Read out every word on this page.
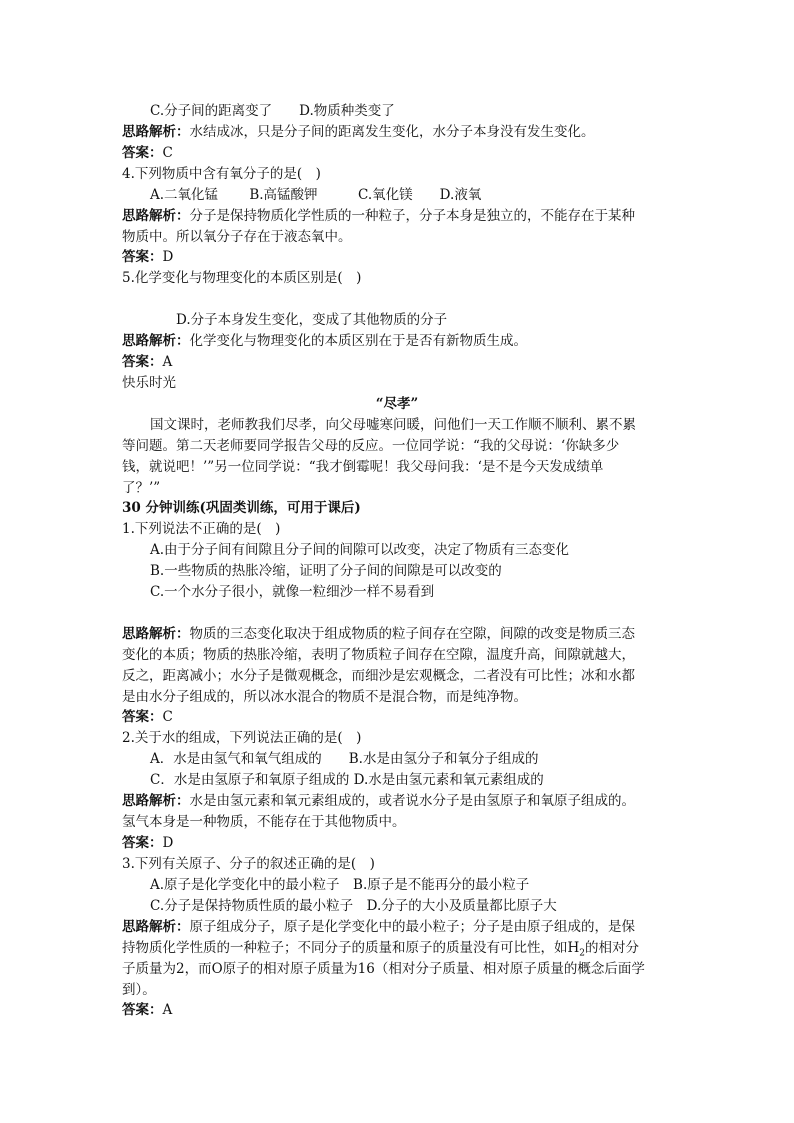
C.分子间的距离变了　　D.物质种类变了
思路解析：水结成冰，只是分子间的距离发生变化，水分子本身没有发生变化。
答案：C
4.下列物质中含有氧分子的是(　)
A.二氧化锰　　 B.高锰酸钾　　　C.氧化镁　　D.液氧
思路解析：分子是保持物质化学性质的一种粒子，分子本身是独立的，不能存在于某种
物质中。所以氧分子存在于液态氧中。
答案：D
5.化学变化与物理变化的本质区别是(　)
D.分子本身发生变化，变成了其他物质的分子
思路解析：化学变化与物理变化的本质区别在于是否有新物质生成。
答案：A
快乐时光
“尽孝”
国文课时，老师教我们尽孝，向父母嘘寒问暖，问他们一天工作顺不顺利、累不累
等问题。第二天老师要同学报告父母的反应。一位同学说：“我的父母说：‘你缺多少
钱，就说吧！’”另一位同学说：“我才倒霉呢！我父母问我：‘是不是今天发成绩单
了？’”
30 分钟训练(巩固类训练，可用于课后)
1.下列说法不正确的是(　)
A.由于分子间有间隙且分子间的间隙可以改变，决定了物质有三态变化
B.一些物质的热胀冷缩，证明了分子间的间隙是可以改变的
C.一个水分子很小，就像一粒细沙一样不易看到
思路解析：物质的三态变化取决于组成物质的粒子间存在空隙，间隙的改变是物质三态
变化的本质；物质的热胀冷缩，表明了物质粒子间存在空隙，温度升高，间隙就越大，
反之，距离减小；水分子是微观概念，而细沙是宏观概念，二者没有可比性；冰和水都
是由水分子组成的，所以冰水混合的物质不是混合物，而是纯净物。
答案：C
2.关于水的组成，下列说法正确的是(　)
A．水是由氢气和氧气组成的　　B.水是由氢分子和氧分子组成的
C．水是由氢原子和氧原子组成的 D.水是由氢元素和氧元素组成的
思路解析：水是由氢元素和氧元素组成的，或者说水分子是由氢原子和氧原子组成的。
氢气本身是一种物质，不能存在于其他物质中。
答案：D
3.下列有关原子、分子的叙述正确的是(　)
A.原子是化学变化中的最小粒子　B.原子是不能再分的最小粒子
C.分子是保持物质性质的最小粒子　D.分子的大小及质量都比原子大
思路解析：原子组成分子，原子是化学变化中的最小粒子；分子是由原子组成的，是保
持物质化学性质的一种粒子；不同分子的质量和原子的质量没有可比性，如$H_2$的相对分
子质量为2，而O原子的相对原子质量为16（相对分子质量、相对原子质量的概念后面学
到）。
答案：A
